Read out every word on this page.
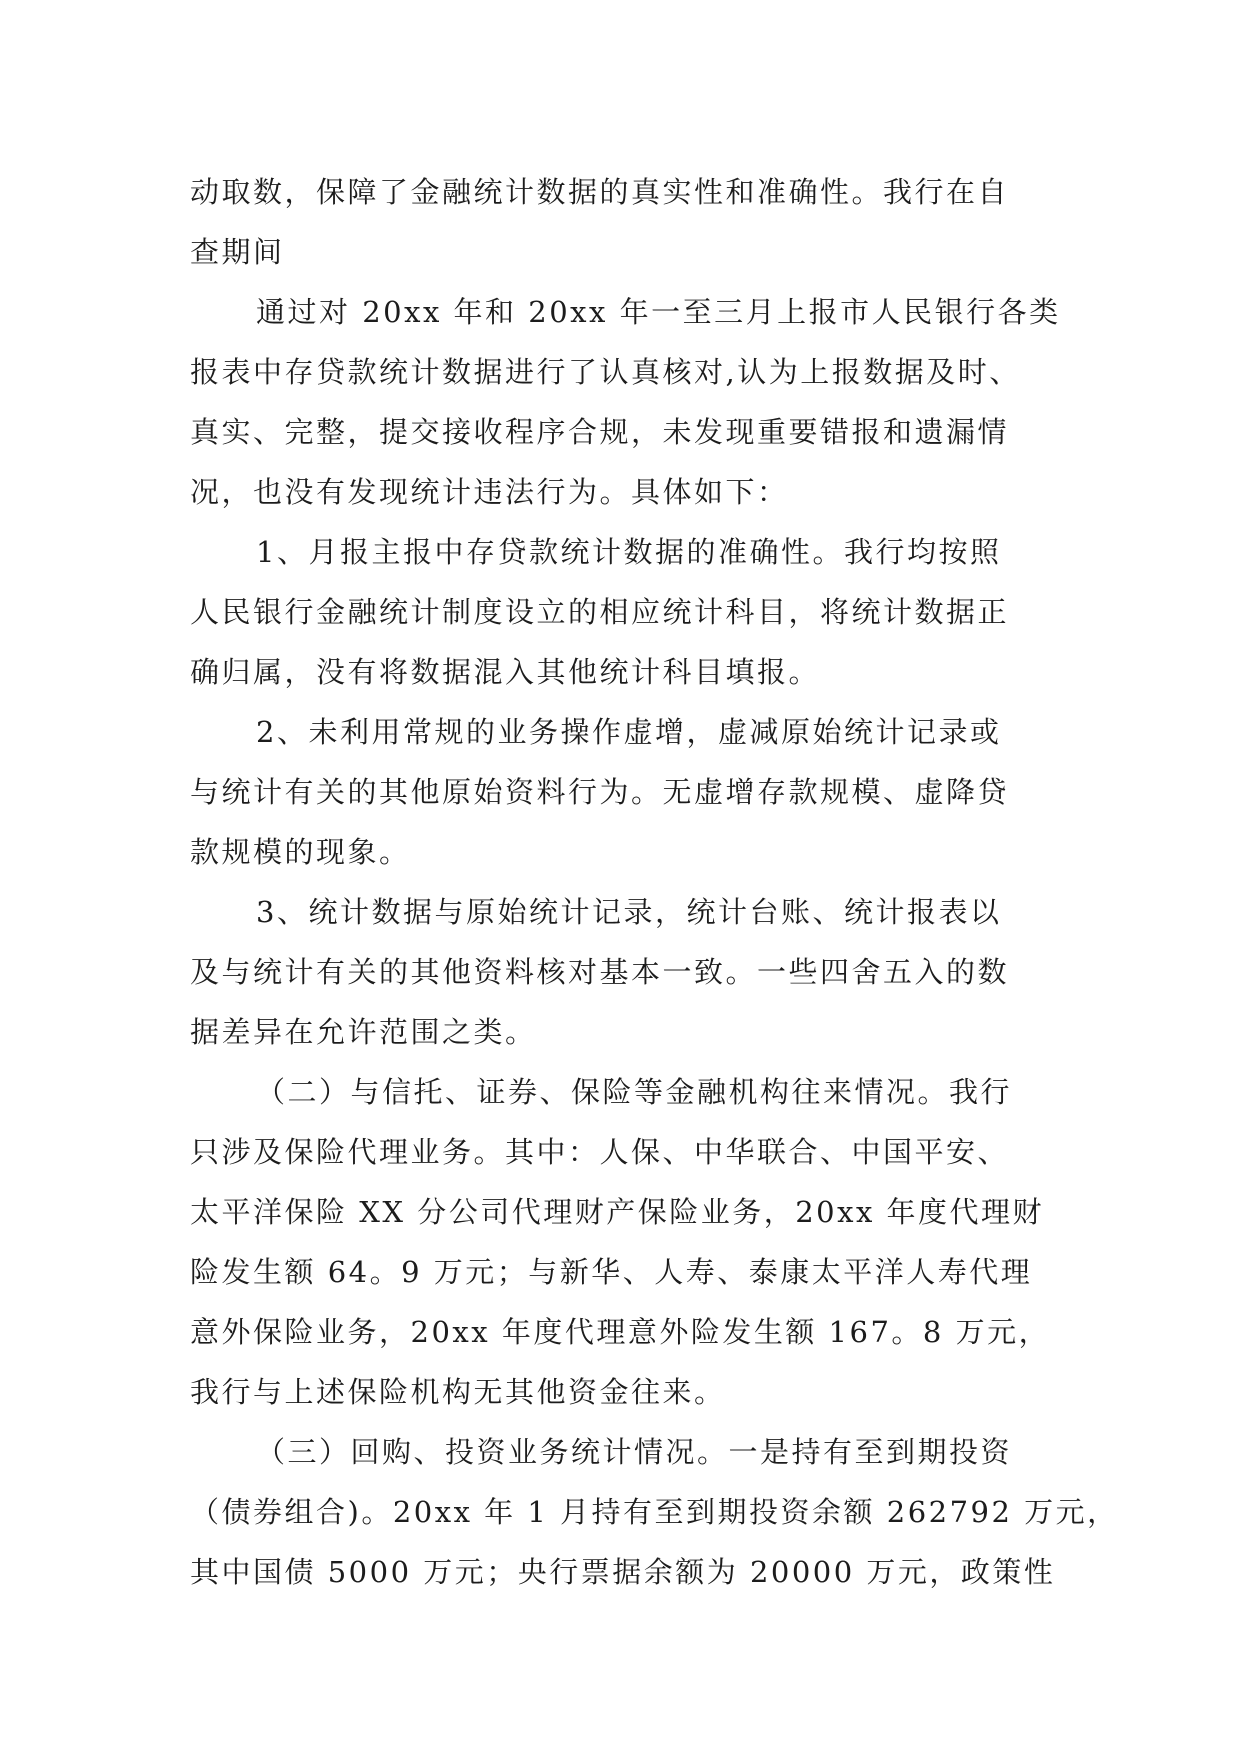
动取数，保障了金融统计数据的真实性和准确性。我行在自
查期间

通过对 20xx 年和 20xx 年一至三月上报市人民银行各类
报表中存贷款统计数据进行了认真核对,认为上报数据及时、
真实、完整，提交接收程序合规，未发现重要错报和遗漏情
况，也没有发现统计违法行为。具体如下：

1、月报主报中存贷款统计数据的准确性。我行均按照
人民银行金融统计制度设立的相应统计科目，将统计数据正
确归属，没有将数据混入其他统计科目填报。

2、未利用常规的业务操作虚增，虚减原始统计记录或
与统计有关的其他原始资料行为。无虚增存款规模、虚降贷
款规模的现象。

3、统计数据与原始统计记录，统计台账、统计报表以
及与统计有关的其他资料核对基本一致。一些四舍五入的数
据差异在允许范围之类。

（二）与信托、证券、保险等金融机构往来情况。我行
只涉及保险代理业务。其中：人保、中华联合、中国平安、
太平洋保险 XX 分公司代理财产保险业务，20xx 年度代理财
险发生额 64。9 万元；与新华、人寿、泰康太平洋人寿代理
意外保险业务，20xx 年度代理意外险发生额 167。8 万元，
我行与上述保险机构无其他资金往来。

（三）回购、投资业务统计情况。一是持有至到期投资
（债券组合)。20xx 年 1 月持有至到期投资余额 262792 万元，
其中国债 5000 万元；央行票据余额为 20000 万元，政策性
